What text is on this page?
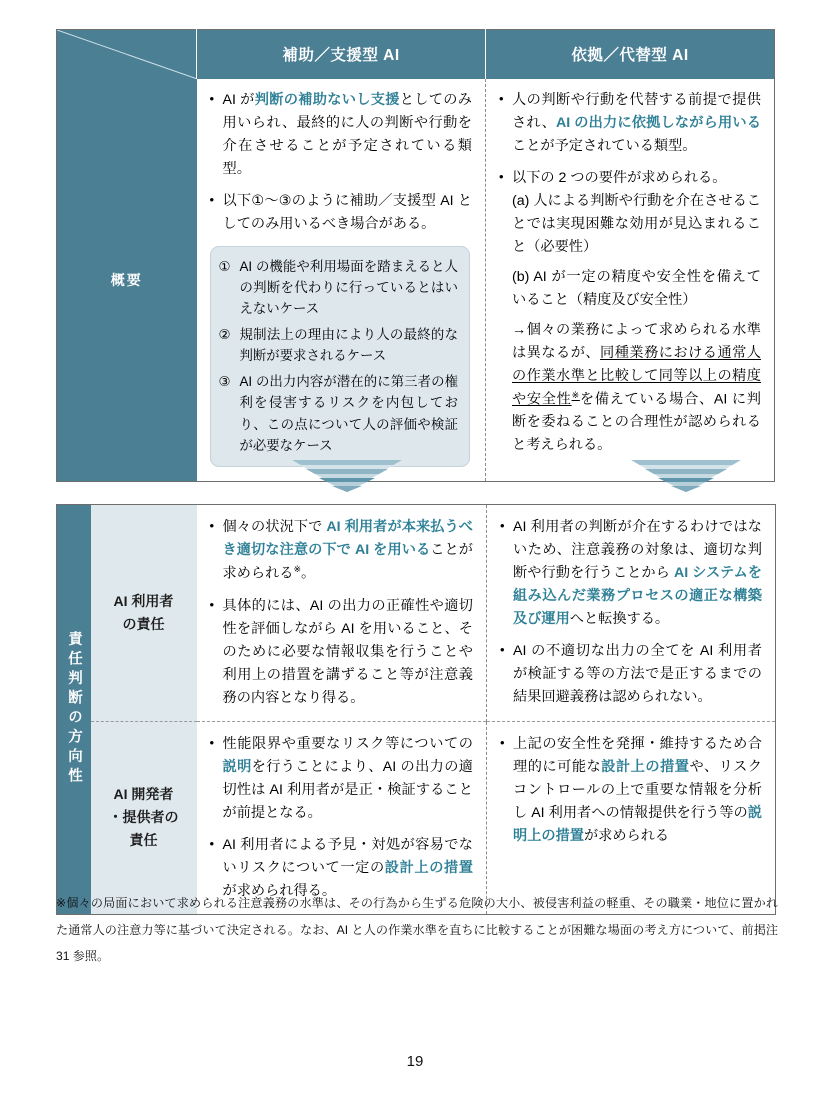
	補助／支援型 AI	依拠／代替型 AI
概要	
• AI が判断の補助ないし支援としてのみ用いられ、最終的に人の判断や行動を介在させることが予定されている類型。
• 以下①～③のように補助／支援型 AI としてのみ用いるべき場合がある。
① AI の機能や利用場面を踏まえると人の判断を代わりに行っているとはいえないケース
② 規制法上の理由により人の最終的な判断が要求されるケース
③ AI の出力内容が潜在的に第三者の権利を侵害するリスクを内包しており、この点について人の評価や検証が必要なケース

• 人の判断や行動を代替する前提で提供され、AI の出力に依拠しながら用いることが予定されている類型。
• 以下の 2 つの要件が求められる。
(a) 人による判断や行動を介在させることでは実現困難な効用が見込まれること（必要性）
(b) AI が一定の精度や安全性を備えていること（精度及び安全性）
→個々の業務によって求められる水準は異なるが、同種業務における通常人の作業水準と比較して同等以上の精度や安全性※を備えている場合、AI に判断を委ねることの合理性が認められると考えられる。
責任判断の方向性

AI 利用者
の責任

• 個々の状況下で AI 利用者が本来払うべき適切な注意の下で AI を用いることが求められる※。
• 具体的には、AI の出力の正確性や適切性を評価しながら AI を用いること、そのために必要な情報収集を行うことや利用上の措置を講ずること等が注意義務の内容となり得る。

• AI 利用者の判断が介在するわけではないため、注意義務の対象は、適切な判断や行動を行うことから AI システムを組み込んだ業務プロセスの適正な構築及び運用へと転換する。
• AI の不適切な出力の全てを AI 利用者が検証する等の方法で是正するまでの結果回避義務は認められない。

AI 開発者
・提供者の
責任

• 性能限界や重要なリスク等についての説明を行うことにより、AI の出力の適切性は AI 利用者が是正・検証することが前提となる。
• AI 利用者による予見・対処が容易でないリスクについて一定の設計上の措置が求められ得る。

• 上記の安全性を発揮・維持するため合理的に可能な設計上の措置や、リスクコントロールの上で重要な情報を分析し AI 利用者への情報提供を行う等の説明上の措置が求められる
※個々の局面において求められる注意義務の水準は、その行為から生ずる危険の大小、被侵害利益の軽重、その職業・地位に置かれた通常人の注意力等に基づいて決定される。なお、AI と人の作業水準を直ちに比較することが困難な場面の考え方について、前掲注 31 参照。
19
